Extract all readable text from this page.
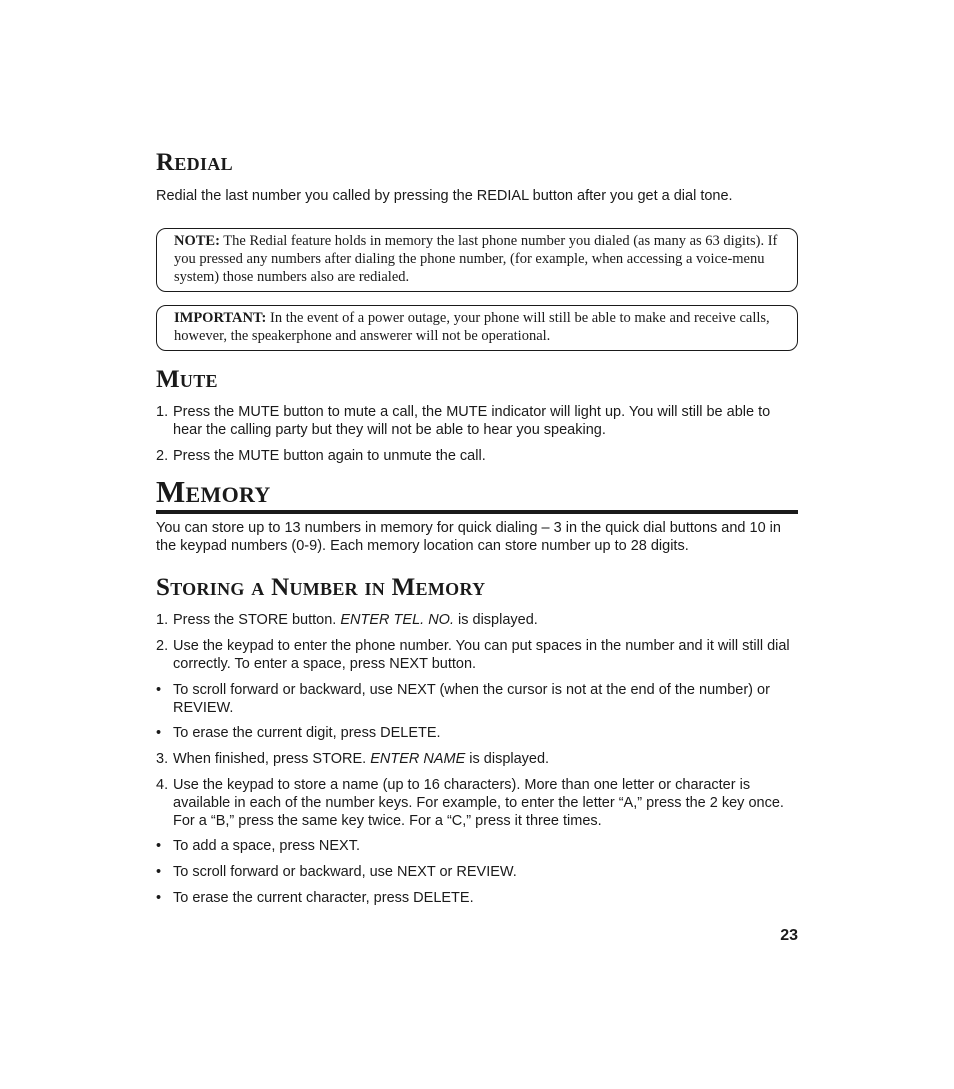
Redial
Redial the last number you called by pressing the REDIAL button after you get a dial tone.
NOTE: The Redial feature holds in memory the last phone number you dialed (as many as 63 digits). If you pressed any numbers after dialing the phone number, (for example, when accessing a voice-menu system) those numbers also are redialed.
IMPORTANT: In the event of a power outage, your phone will still be able to make and receive calls, however, the speakerphone and answerer will not be operational.
Mute
1. Press the MUTE button to mute a call, the MUTE indicator will light up. You will still be able to hear the calling party but they will not be able to hear you speaking.
2. Press the MUTE button again to unmute the call.
Memory
You can store up to 13 numbers in memory for quick dialing – 3 in the quick dial buttons and 10 in the keypad numbers (0-9). Each memory location can store number up to 28 digits.
Storing a Number in Memory
1. Press the STORE button. ENTER TEL. NO. is displayed.
2. Use the keypad to enter the phone number. You can put spaces in the number and it will still dial correctly. To enter a space, press NEXT button.
• To scroll forward or backward, use NEXT (when the cursor is not at the end of the number) or REVIEW.
• To erase the current digit, press DELETE.
3. When finished, press STORE. ENTER NAME is displayed.
4. Use the keypad to store a name (up to 16 characters). More than one letter or character is available in each of the number keys. For example, to enter the letter “A,” press the 2 key once. For a “B,” press the same key twice. For a “C,” press it three times.
• To add a space, press NEXT.
• To scroll forward or backward, use NEXT or REVIEW.
• To erase the current character, press DELETE.
23
